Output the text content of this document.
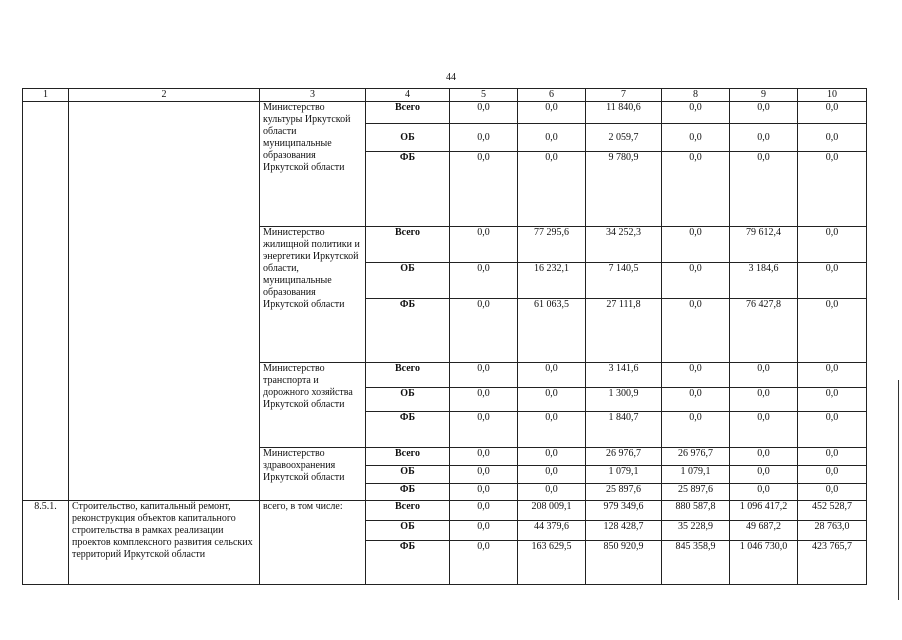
44
1	2	3	4	5	6	7	8	9	10
		Министерство культуры Иркутской области муниципальные образования Иркутской области	Всего	0,0	0,0	11 840,6	0,0	0,0	0,0
			ОБ	0,0	0,0	2 059,7	0,0	0,0	0,0
			ФБ	0,0	0,0	9 780,9	0,0	0,0	0,0
		Министерство жилищной политики и энергетики Иркутской области, муниципальные образования Иркутской области	Всего	0,0	77 295,6	34 252,3	0,0	79 612,4	0,0
			ОБ	0,0	16 232,1	7 140,5	0,0	3 184,6	0,0
			ФБ	0,0	61 063,5	27 111,8	0,0	76 427,8	0,0
		Министерство транспорта и дорожного хозяйства Иркутской области	Всего	0,0	0,0	3 141,6	0,0	0,0	0,0
			ОБ	0,0	0,0	1 300,9	0,0	0,0	0,0
			ФБ	0,0	0,0	1 840,7	0,0	0,0	0,0
		Министерство здравоохранения Иркутской области	Всего	0,0	0,0	26 976,7	26 976,7	0,0	0,0
			ОБ	0,0	0,0	1 079,1	1 079,1	0,0	0,0
			ФБ	0,0	0,0	25 897,6	25 897,6	0,0	0,0
8.5.1.	Строительство, капитальный ремонт, реконструкция объектов капитального строительства в рамках реализации проектов комплексного развития сельских территорий Иркутской области	всего, в том числе:	Всего	0,0	208 009,1	979 349,6	880 587,8	1 096 417,2	452 528,7
			ОБ	0,0	44 379,6	128 428,7	35 228,9	49 687,2	28 763,0
			ФБ	0,0	163 629,5	850 920,9	845 358,9	1 046 730,0	423 765,7
